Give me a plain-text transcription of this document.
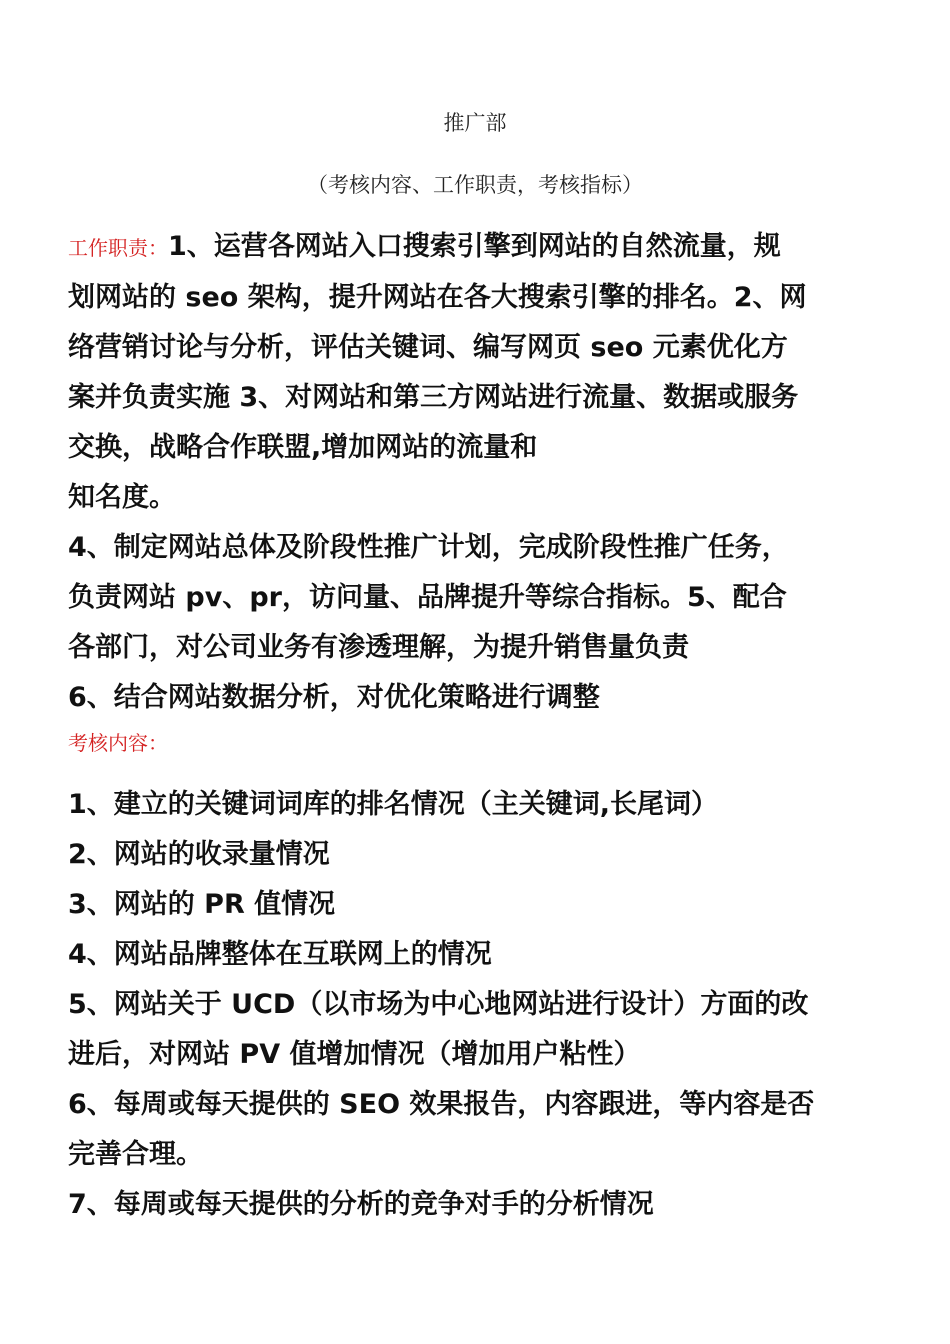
推广部
（考核内容、工作职责，考核指标）
工作职责：1、运营各网站入口搜索引擎到网站的自然流量，规
划网站的 seo 架构，提升网站在各大搜索引擎的排名。2、网
络营销讨论与分析，评估关键词、编写网页 seo 元素优化方
案并负责实施 3、对网站和第三方网站进行流量、数据或服务
交换，战略合作联盟,增加网站的流量和
知名度。
4、制定网站总体及阶段性推广计划，完成阶段性推广任务，
负责网站 pv、pr，访问量、品牌提升等综合指标。5、配合
各部门，对公司业务有渗透理解，为提升销售量负责
6、结合网站数据分析，对优化策略进行调整
考核内容：
1、建立的关键词词库的排名情况（主关键词,长尾词）
2、网站的收录量情况
3、网站的 PR 值情况
4、网站品牌整体在互联网上的情况
5、网站关于 UCD（以市场为中心地网站进行设计）方面的改
进后，对网站 PV 值增加情况（增加用户粘性）
6、每周或每天提供的 SEO 效果报告，内容跟进，等内容是否
完善合理。
7、每周或每天提供的分析的竞争对手的分析情况
